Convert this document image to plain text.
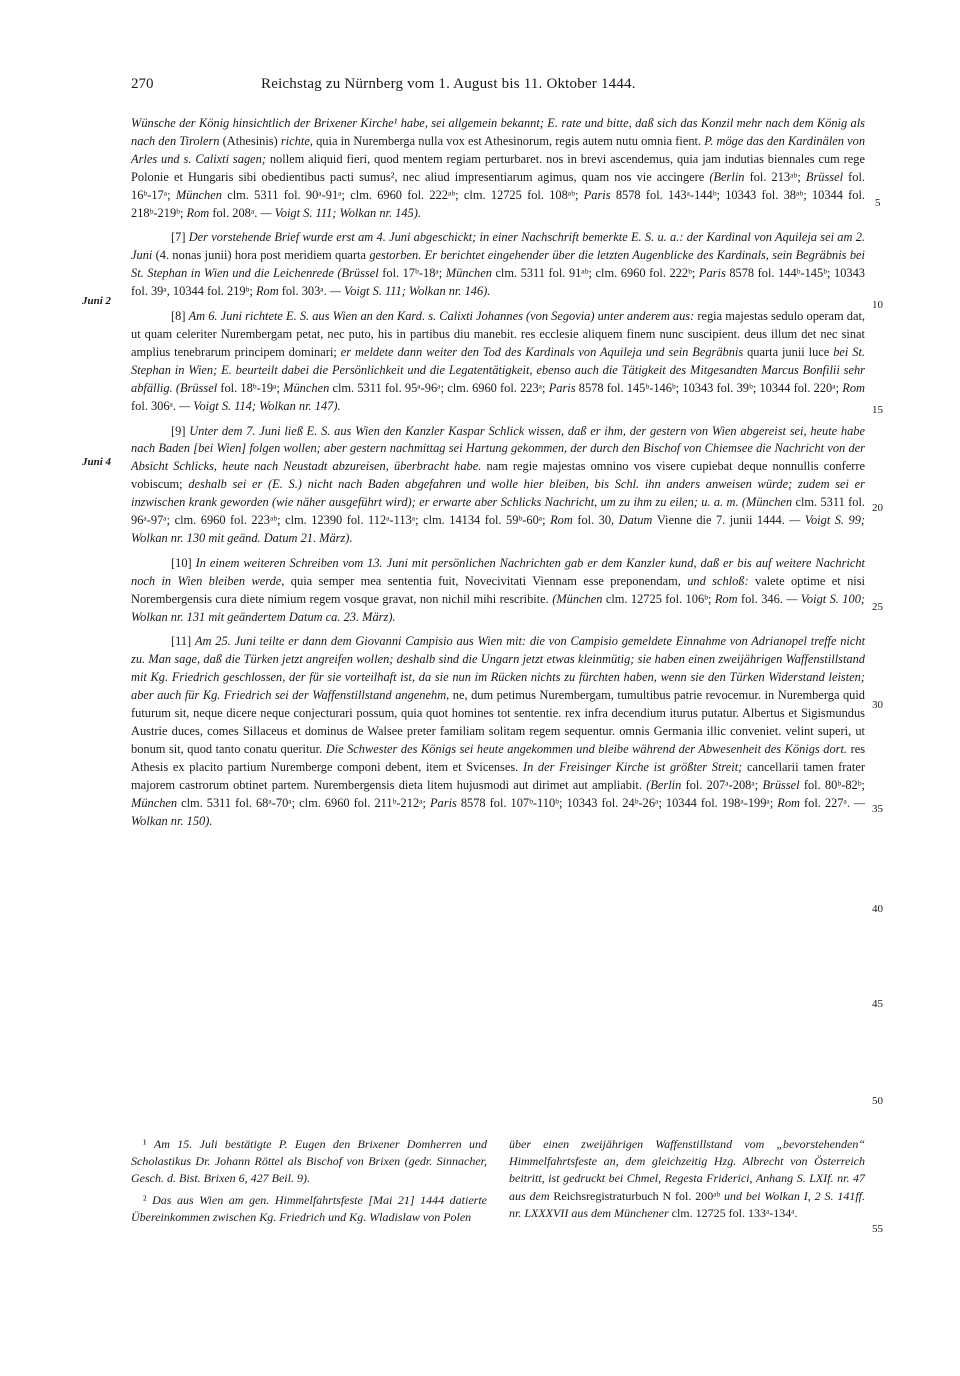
270	Reichstag zu Nürnberg vom 1. August bis 11. Oktober 1444.

Wünsche der König hinsichtlich der Brixener Kirche¹ habe, sei allgemein bekannt; E. rate und bitte, daß sich das Konzil mehr nach dem König als nach den Tirolern (Athesinis) richte, quia in Nuremberga nulla vox est Athesinorum, regis autem nutu omnia fient. P. möge das den Kardinälen von Arles und s. Calixti sagen; nollem aliquid fieri, quod mentem regiam perturbaret. nos in brevi ascendemus, quia jam indutias biennales cum rege Polonie et Hungaris sibi obedientibus pacti sumus², nec aliud impresentiarum agimus, quam nos vie accingere (Berlin fol. 213ᵃᵇ; Brüssel fol. 16ᵇ-17ᵃ; München clm. 5311 fol. 90ᵃ-91ᵃ; clm. 6960 fol. 222ᵃᵇ; clm. 12725 fol. 108ᵃᵇ; Paris 8578 fol. 143ᵃ-144ᵇ; 10343 fol. 38ᵃᵇ; 10344 fol. 218ᵇ-219ᵇ; Rom fol. 208ᵃ. — Voigt S. 111; Wolkan nr. 145).

[7] Der vorstehende Brief wurde erst am 4. Juni abgeschickt; in einer Nachschrift bemerkte E. S. u. a.: der Kardinal von Aquileja sei am 2. Juni (4. nonas junii) hora post meridiem quarta gestorben. Er berichtet eingehender über die letzten Augenblicke des Kardinals, sein Begräbnis bei St. Stephan in Wien und die Leichenrede (Brüssel fol. 17ᵇ-18ᵃ; München clm. 5311 fol. 91ᵃᵇ; clm. 6960 fol. 222ᵇ; Paris 8578 fol. 144ᵇ-145ᵇ; 10343 fol. 39ᵃ, 10344 fol. 219ᵇ; Rom fol. 303ᵃ. — Voigt S. 111; Wolkan nr. 146).

[8] Am 6. Juni richtete E. S. aus Wien an den Kard. s. Calixti Johannes (von Segovia) unter anderem aus: regia majestas sedulo operam dat, ut quam celeriter Nurembergam petat, nec puto, his in partibus diu manebit. res ecclesie aliquem finem nunc suscipient. deus illum det nec sinat amplius tenebrarum principem dominari; er meldete dann weiter den Tod des Kardinals von Aquileja und sein Begräbnis quarta junii luce bei St. Stephan in Wien; E. beurteilt dabei die Persönlichkeit und die Legatentätigkeit, ebenso auch die Tätigkeit des Mitgesandten Marcus Bonfilii sehr abfällig. (Brüssel fol. 18ᵇ-19ᵃ; München clm. 5311 fol. 95ᵃ-96ᵃ; clm. 6960 fol. 223ᵃ; Paris 8578 fol. 145ᵇ-146ᵇ; 10343 fol. 39ᵇ; 10344 fol. 220ᵃ; Rom fol. 306ᵃ. — Voigt S. 114; Wolkan nr. 147).

[9] Unter dem 7. Juni ließ E. S. aus Wien den Kanzler Kaspar Schlick wissen, daß er ihm, der gestern von Wien abgereist sei, heute habe nach Baden [bei Wien] folgen wollen; aber gestern nachmittag sei Hartung gekommen, der durch den Bischof von Chiemsee die Nachricht von der Absicht Schlicks, heute nach Neustadt abzureisen, überbracht habe. nam regie majestas omnino vos visere cupiebat deque nonnullis conferre vobiscum; deshalb sei er (E. S.) nicht nach Baden abgefahren und wolle hier bleiben, bis Schl. ihn anders anweisen würde; zudem sei er inzwischen krank geworden (wie näher ausgeführt wird); er erwarte aber Schlicks Nachricht, um zu ihm zu eilen; u. a. m. (München clm. 5311 fol. 96ᵃ-97ᵃ; clm. 6960 fol. 223ᵃᵇ; clm. 12390 fol. 112ᵃ-113ᵃ; clm. 14134 fol. 59ᵇ-60ᵃ; Rom fol. 30, Datum Vienne die 7. junii 1444. — Voigt S. 99; Wolkan nr. 130 mit geänd. Datum 21. März).

[10] In einem weiteren Schreiben vom 13. Juni mit persönlichen Nachrichten gab er dem Kanzler kund, daß er bis auf weitere Nachricht noch in Wien bleiben werde, quia semper mea sententia fuit, Novecivitati Viennam esse preponendam, und schloß: valete optime et nisi Norembergensis cura diete nimium regem vosque gravat, non nichil mihi rescribite. (München clm. 12725 fol. 106ᵇ; Rom fol. 346. — Voigt S. 100; Wolkan nr. 131 mit geändertem Datum ca. 23. März).

[11] Am 25. Juni teilte er dann dem Giovanni Campisio aus Wien mit: die von Campisio gemeldete Einnahme von Adrianopel treffe nicht zu. Man sage, daß die Türken jetzt angreifen wollen; deshalb sind die Ungarn jetzt etwas kleinmütig; sie haben einen zweijährigen Waffenstillstand mit Kg. Friedrich geschlossen, der für sie vorteilhaft ist, da sie nun im Rücken nichts zu fürchten haben, wenn sie den Türken Widerstand leisten; aber auch für Kg. Friedrich sei der Waffenstillstand angenehm, ne, dum petimus Nurembergam, tumultibus patrie revocemur. in Nuremberga quid futurum sit, neque dicere neque conjecturari possum, quia quot homines tot sententie. rex infra decendium iturus putatur. Albertus et Sigismundus Austrie duces, comes Sillaceus et dominus de Walsee preter familiam solitam regem sequentur. omnis Germania illic conveniet. velint superi, ut bonum sit, quod tanto conatu queritur. Die Schwester des Königs sei heute angekommen und bleibe während der Abwesenheit des Königs dort. res Athesis ex placito partium Nuremberge componi debent, item et Svicenses. In der Freisinger Kirche ist größter Streit; cancellarii tamen frater majorem castrorum obtinet partem. Nurembergensis dieta litem hujusmodi aut dirimet aut ampliabit. (Berlin fol. 207ᵃ-208ᵃ; Brüssel fol. 80ᵇ-82ᵇ; München clm. 5311 fol. 68ᵃ-70ᵃ; clm. 6960 fol. 211ᵇ-212ᵃ; Paris 8578 fol. 107ᵇ-110ᵇ; 10343 fol. 24ᵇ-26ᵃ; 10344 fol. 198ᵃ-199ᵃ; Rom fol. 227ᵃ. — Wolkan nr. 150).

Juni 2
Juni 4
5
10
15
20
25
30
35
40
45
50
55

¹ Am 15. Juli bestätigte P. Eugen den Brixener Domherren und Scholastikus Dr. Johann Röttel als Bischof von Brixen (gedr. Sinnacher, Gesch. d. Bist. Brixen 6, 427 Beil. 9).

² Das aus Wien am gen. Himmelfahrtsfeste [Mai 21] 1444 datierte Übereinkommen zwischen Kg. Friedrich und Kg. Wladislaw von Polen

über einen zweijährigen Waffenstillstand vom „bevorstehenden“ Himmelfahrtsfeste an, dem gleichzeitig Hzg. Albrecht von Österreich beitritt, ist gedruckt bei Chmel, Regesta Friderici, Anhang S. LXIf. nr. 47 aus dem Reichsregistraturbuch N fol. 200ᵃᵇ und bei Wolkan I, 2 S. 141ff. nr. LXXXVII aus dem Münchener clm. 12725 fol. 133ᵃ-134ᵃ.
